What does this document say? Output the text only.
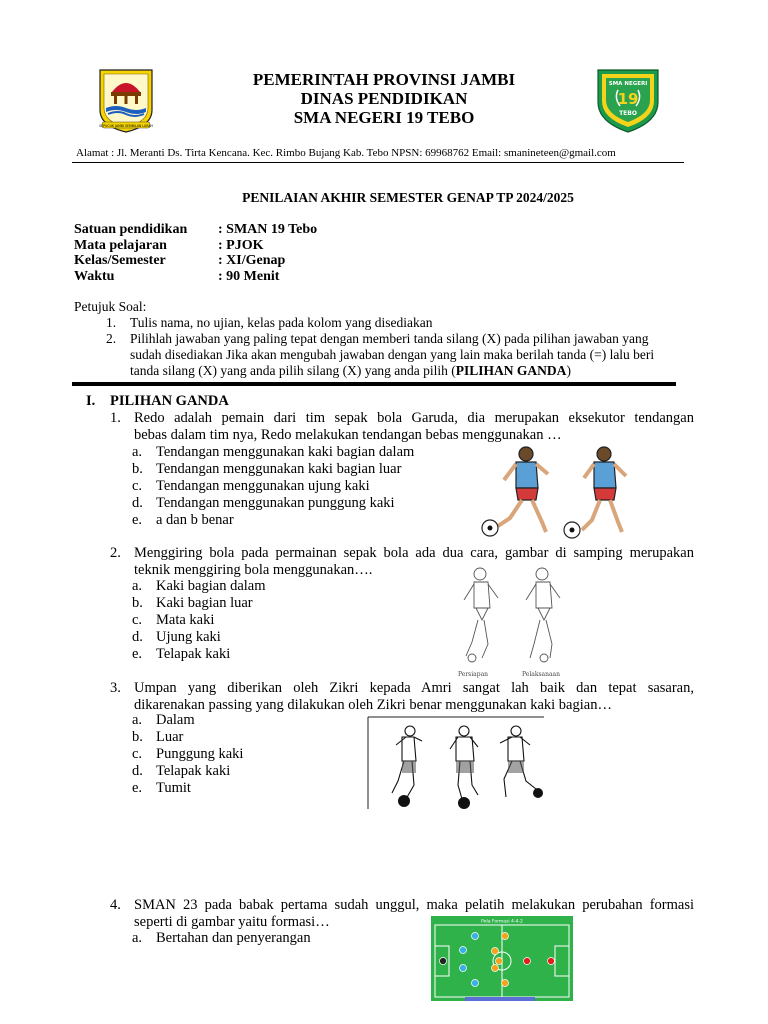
SEPUCUK JAMBI SEMBILAN LURAH
PEMERINTAH PROVINSI JAMBI
DINAS PENDIDIKAN
SMA NEGERI 19 TEBO
SMA NEGERI
19
TEBO
Alamat : Jl. Meranti Ds. Tirta Kencana. Kec. Rimbo Bujang Kab. Tebo NPSN: 69968762 Email: smanineteen@gmail.com
PENILAIAN AKHIR SEMESTER GENAP TP 2024/2025
Satuan pendidikan : SMAN 19 Tebo
Mata pelajaran	: PJOK
Kelas/Semester	: XI/Genap
Waktu	: 90 Menit
Petujuk Soal:
1. Tulis nama, no ujian, kelas pada kolom yang disediakan
2. Pilihlah jawaban yang paling tepat dengan memberi tanda silang (X) pada pilihan jawaban yang
sudah disediakan Jika akan mengubah jawaban dengan yang lain maka berilah tanda (=) lalu beri
tanda silang (X) yang anda pilih silang (X) yang anda pilih (PILIHAN GANDA)
I. PILIHAN GANDA
1. Redo adalah pemain dari tim sepak bola Garuda, dia merupakan eksekutor tendangan
bebas dalam tim nya, Redo melakukan tendangan bebas menggunakan …
a. Tendangan menggunakan kaki bagian dalam
b. Tendangan menggunakan kaki bagian luar
c. Tendangan menggunakan ujung kaki
d. Tendangan menggunakan punggung kaki
e. a dan b benar
2. Menggiring bola pada permainan sepak bola ada dua cara, gambar di samping merupakan
teknik menggiring bola menggunakan….
a. Kaki bagian dalam
b. Kaki bagian luar
c. Mata kaki
d. Ujung kaki
e. Telapak kaki
Persiapan	Pelaksanaan
3. Umpan yang diberikan oleh Zikri kepada Amri sangat lah baik dan tepat sasaran,
dikarenakan passing yang dilakukan oleh Zikri benar menggunakan kaki bagian…
a. Dalam
b. Luar
c. Punggung kaki
d. Telapak kaki
e. Tumit
4. SMAN 23 pada babak pertama sudah unggul, maka pelatih melakukan perubahan formasi
seperti di gambar yaitu formasi…
a. Bertahan dan penyerangan
Pola Formasi 4-4-2
